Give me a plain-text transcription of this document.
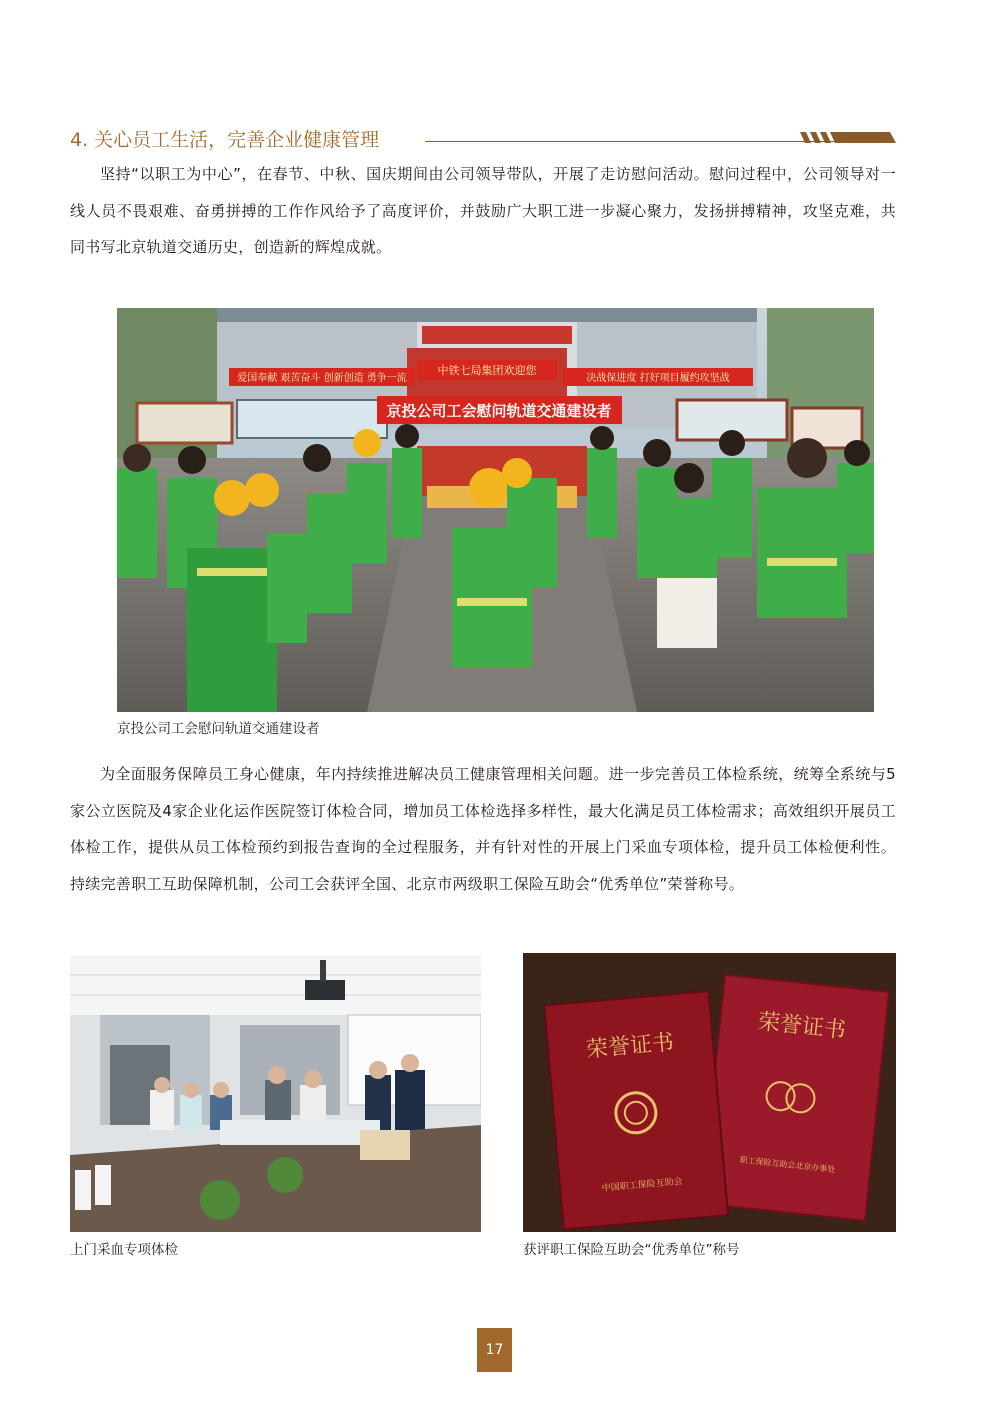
4. 关心员工生活，完善企业健康管理

坚持“以职工为中心”，在春节、中秋、国庆期间由公司领导带队，开展了走访慰问活动。慰问过程中，公司领导对一线人员不畏艰难、奋勇拼搏的工作作风给予了高度评价，并鼓励广大职工进一步凝心聚力，发扬拼搏精神，攻坚克难，共同书写北京轨道交通历史，创造新的辉煌成就。

中铁七局集团欢迎您
爱国奉献 艰苦奋斗 创新创造 勇争一流	决战保进度 打好项目履约攻坚战
京投公司工会慰问轨道交通建设者
京投公司工会慰问轨道交通建设者

为全面服务保障员工身心健康，年内持续推进解决员工健康管理相关问题。进一步完善员工体检系统，统筹全系统与5家公立医院及4家企业化运作医院签订体检合同，增加员工体检选择多样性，最大化满足员工体检需求；高效组织开展员工体检工作，提供从员工体检预约到报告查询的全过程服务，并有针对性的开展上门采血专项体检，提升员工体检便利性。持续完善职工互助保障机制，公司工会获评全国、北京市两级职工保险互助会“优秀单位”荣誉称号。

上门采血专项体检
荣誉证书
职工保险互助会北京办事处
荣誉证书
中国职工保险互助会
获评职工保险互助会“优秀单位”称号
17
